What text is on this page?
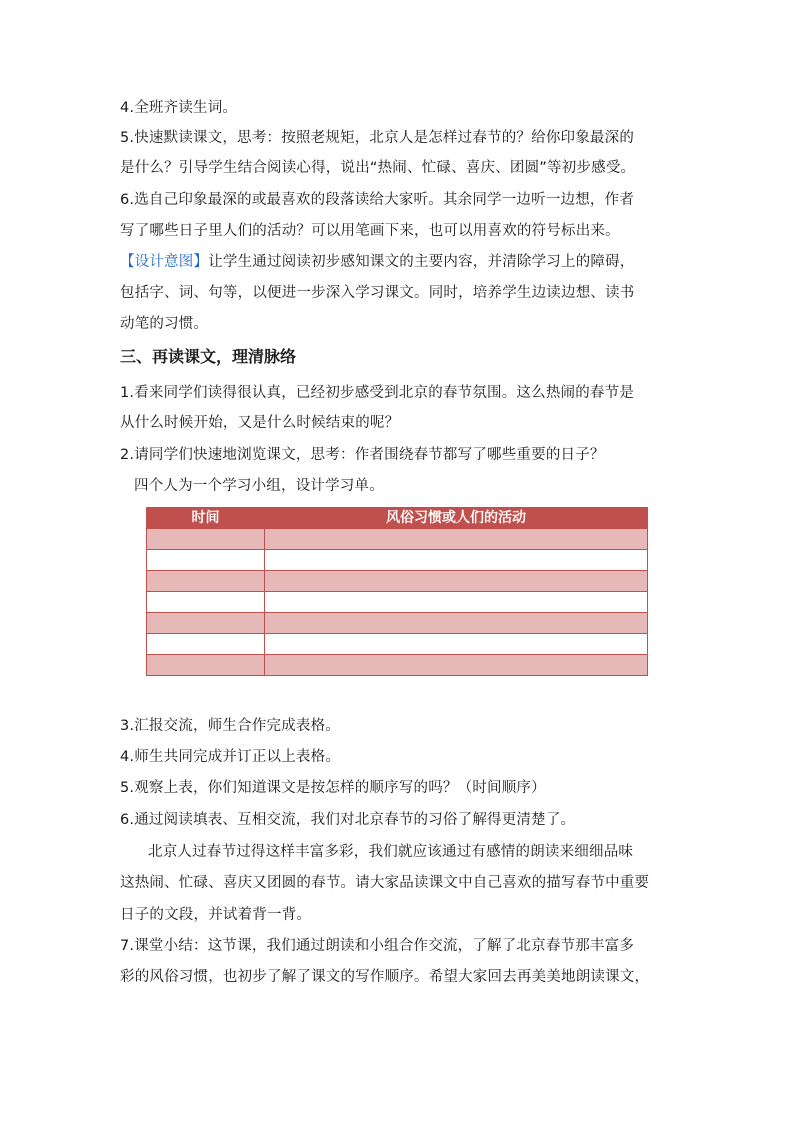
4.全班齐读生词。
5.快速默读课文，思考：按照老规矩，北京人是怎样过春节的？给你印象最深的
是什么？引导学生结合阅读心得，说出“热闹、忙碌、喜庆、团圆”等初步感受。
6.选自己印象最深的或最喜欢的段落读给大家听。其余同学一边听一边想，作者
写了哪些日子里人们的活动？可以用笔画下来，也可以用喜欢的符号标出来。
【设计意图】让学生通过阅读初步感知课文的主要内容，并清除学习上的障碍，
包括字、词、句等，以便进一步深入学习课文。同时，培养学生边读边想、读书
动笔的习惯。
三、再读课文，理清脉络
1.看来同学们读得很认真，已经初步感受到北京的春节氛围。这么热闹的春节是
从什么时候开始，又是什么时候结束的呢？
2.请同学们快速地浏览课文，思考：作者围绕春节都写了哪些重要的日子？
四个人为一个学习小组，设计学习单。
时间	风俗习惯或人们的活动

3.汇报交流，师生合作完成表格。
4.师生共同完成并订正以上表格。
5.观察上表，你们知道课文是按怎样的顺序写的吗？（时间顺序）
6.通过阅读填表、互相交流，我们对北京春节的习俗了解得更清楚了。
北京人过春节过得这样丰富多彩，我们就应该通过有感情的朗读来细细品味
这热闹、忙碌、喜庆又团圆的春节。请大家品读课文中自己喜欢的描写春节中重要
日子的文段，并试着背一背。
7.课堂小结：这节课，我们通过朗读和小组合作交流，了解了北京春节那丰富多
彩的风俗习惯，也初步了解了课文的写作顺序。希望大家回去再美美地朗读课文，
